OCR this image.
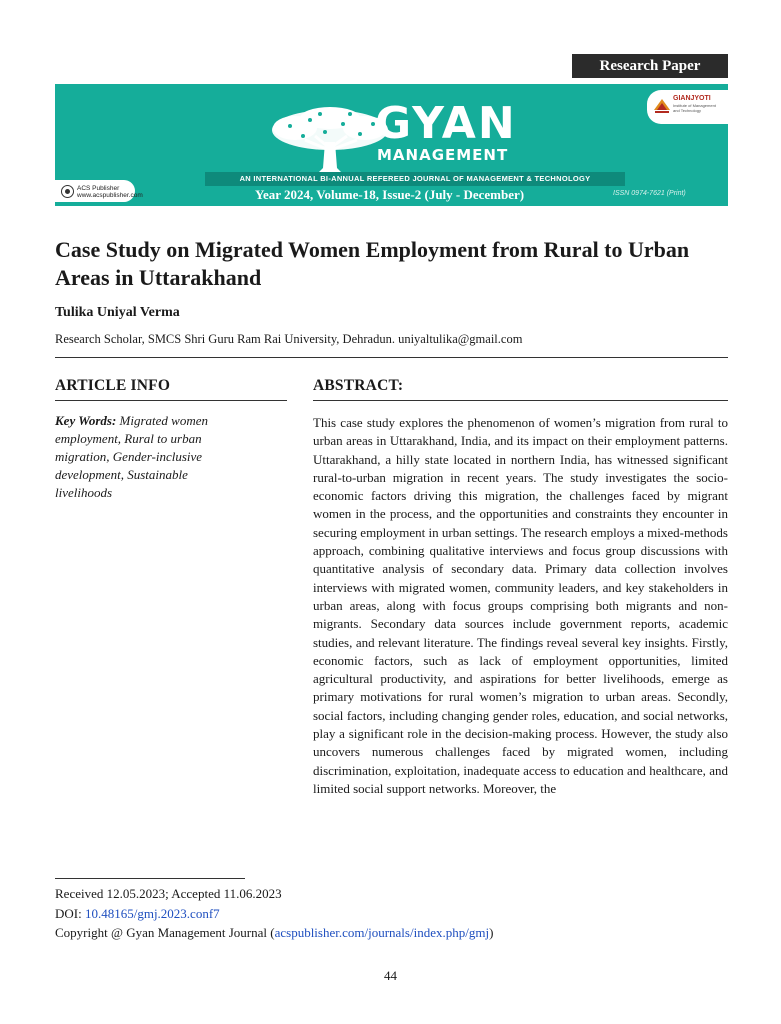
Research Paper
GYAN
MANAGEMENT
AN INTERNATIONAL BI-ANNUAL REFEREED JOURNAL OF MANAGEMENT & TECHNOLOGY
Year 2024, Volume-18, Issue-2 (July - December)	ISSN 0974-7621 (Print)
ACS Publisher
www.acspublisher.com
GIANJYOTI
Institute of Management and Technology
Case Study on Migrated Women Employment from Rural to Urban Areas in Uttarakhand
Tulika Uniyal Verma
Research Scholar, SMCS Shri Guru Ram Rai University, Dehradun. uniyaltulika@gmail.com
ARTICLE INFO	ABSTRACT:
Key Words: Migrated women employment, Rural to urban migration, Gender-inclusive development, Sustainable livelihoods

This case study explores the phenomenon of women’s migration from rural to urban areas in Uttarakhand, India, and its impact on their employment patterns. Uttarakhand, a hilly state located in northern India, has witnessed significant rural-to-urban migration in recent years. The study investigates the socio-economic factors driving this migration, the challenges faced by migrant women in the process, and the opportunities and constraints they encounter in securing employment in urban settings. The research employs a mixed-methods approach, combining qualitative interviews and focus group discussions with quantitative analysis of secondary data. Primary data collection involves interviews with migrated women, community leaders, and key stakeholders in urban areas, along with focus groups comprising both migrants and non-migrants. Secondary data sources include government reports, academic studies, and relevant literature. The findings reveal several key insights. Firstly, economic factors, such as lack of employment opportunities, limited agricultural productivity, and aspirations for better livelihoods, emerge as primary motivations for rural women’s migration to urban areas. Secondly, social factors, including changing gender roles, education, and social networks, play a significant role in the decision-making process. However, the study also uncovers numerous challenges faced by migrated women, including discrimination, exploitation, inadequate access to education and healthcare, and limited social support networks. Moreover, the

Received 12.05.2023; Accepted 11.06.2023
DOI: 10.48165/gmj.2023.conf7
Copyright @ Gyan Management Journal (acspublisher.com/journals/index.php/gmj)
44
